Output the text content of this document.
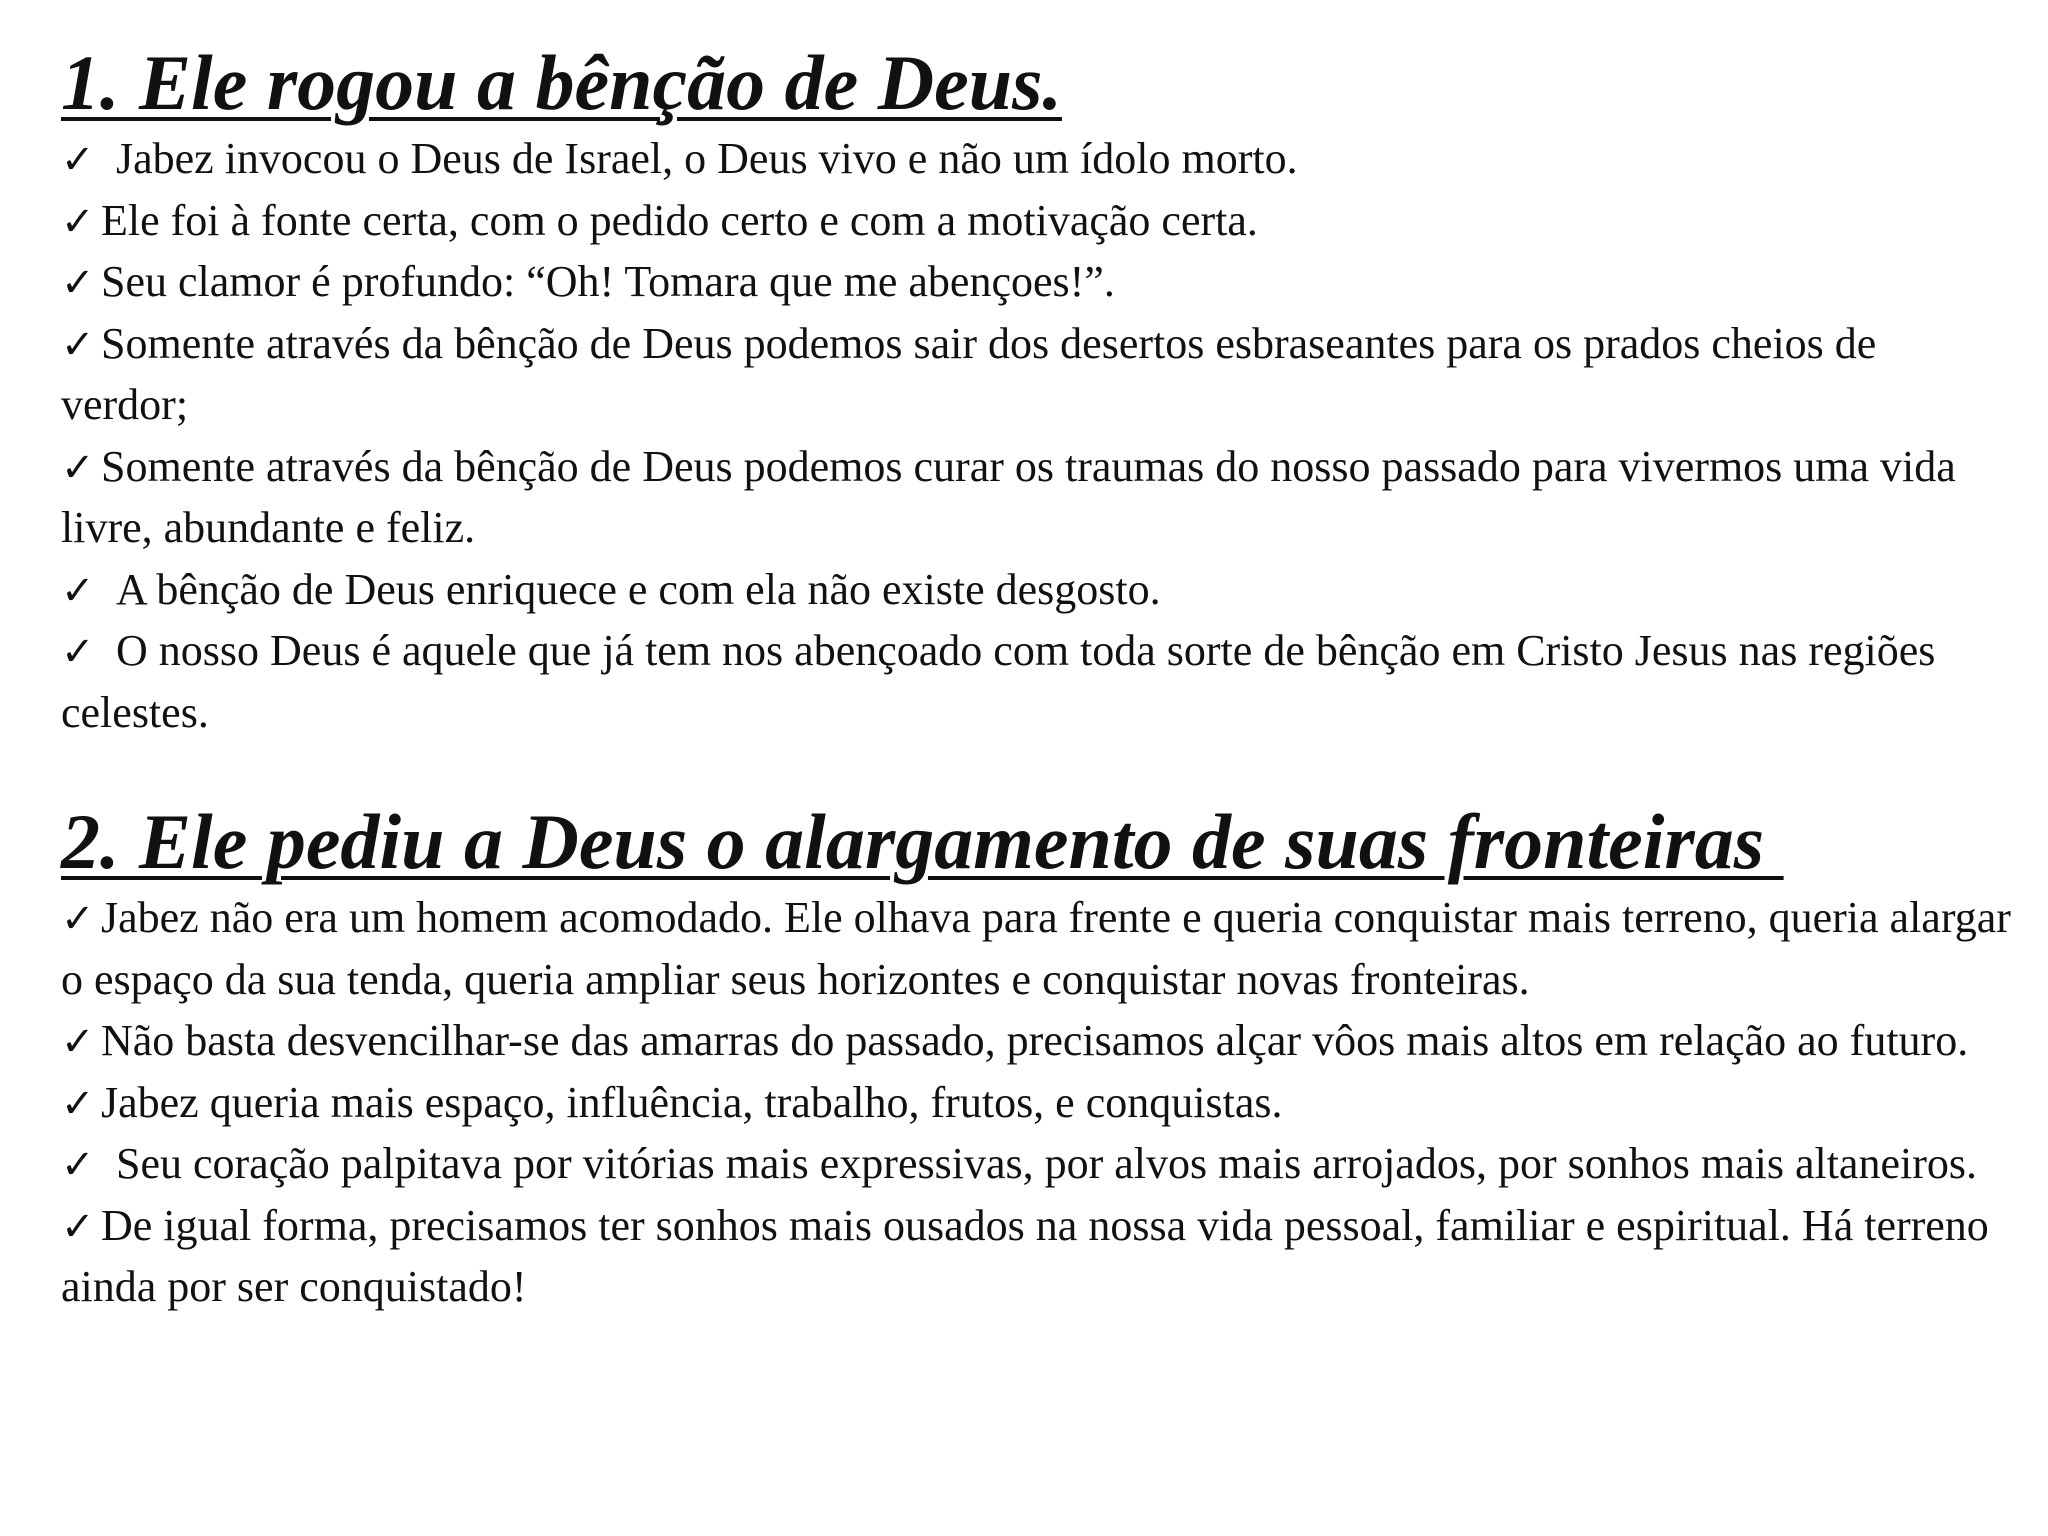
1. Ele rogou a bênção de Deus.

✓ Jabez invocou o Deus de Israel, o Deus vivo e não um ídolo morto.

✓ Ele foi à fonte certa, com o pedido certo e com a motivação certa.

✓ Seu clamor é profundo: “Oh! Tomara que me abençoes!”.

✓ Somente através da bênção de Deus podemos sair dos desertos esbraseantes para os prados cheios de verdor;

✓ Somente através da bênção de Deus podemos curar os traumas do nosso passado para vivermos uma vida livre, abundante e feliz.

✓ A bênção de Deus enriquece e com ela não existe desgosto.

✓ O nosso Deus é aquele que já tem nos abençoado com toda sorte de bênção em Cristo Jesus nas regiões celestes.

2. Ele pediu a Deus o alargamento de suas fronteiras

✓ Jabez não era um homem acomodado. Ele olhava para frente e queria conquistar mais terreno, queria alargar o espaço da sua tenda, queria ampliar seus horizontes e conquistar novas fronteiras.

✓ Não basta desvencilhar-se das amarras do passado, precisamos alçar vôos mais altos em relação ao futuro.

✓ Jabez queria mais espaço, influência, trabalho, frutos, e conquistas.

✓ Seu coração palpitava por vitórias mais expressivas, por alvos mais arrojados, por sonhos mais altaneiros.

✓ De igual forma, precisamos ter sonhos mais ousados na nossa vida pessoal, familiar e espiritual. Há terreno ainda por ser conquistado!
